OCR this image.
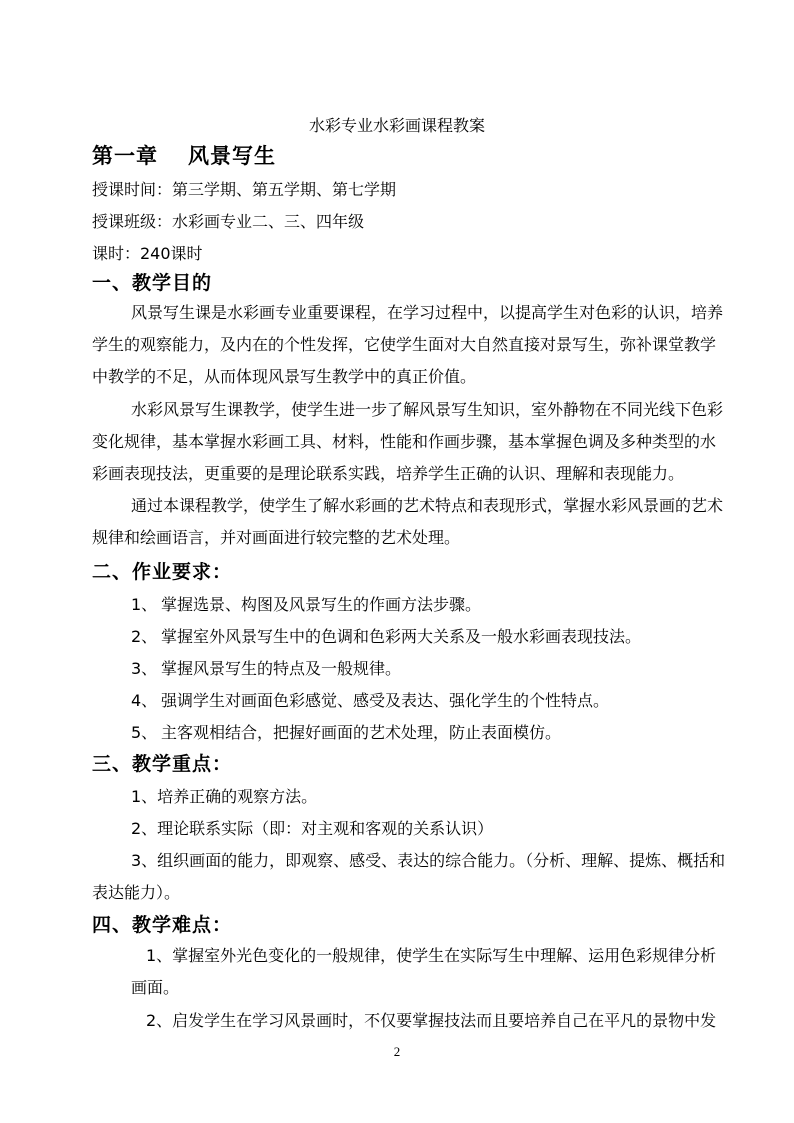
水彩专业水彩画课程教案
第一章 风景写生
授课时间：第三学期、第五学期、第七学期
授课班级：水彩画专业二、三、四年级
课时：240课时
一、教学目的
风景写生课是水彩画专业重要课程，在学习过程中，以提高学生对色彩的认识，培养
学生的观察能力，及内在的个性发挥，它使学生面对大自然直接对景写生，弥补课堂教学
中教学的不足，从而体现风景写生教学中的真正价值。
水彩风景写生课教学，使学生进一步了解风景写生知识，室外静物在不同光线下色彩
变化规律，基本掌握水彩画工具、材料，性能和作画步骤，基本掌握色调及多种类型的水
彩画表现技法，更重要的是理论联系实践，培养学生正确的认识、理解和表现能力。
通过本课程教学，使学生了解水彩画的艺术特点和表现形式，掌握水彩风景画的艺术
规律和绘画语言，并对画面进行较完整的艺术处理。
二、作业要求：
1、 掌握选景、构图及风景写生的作画方法步骤。
2、 掌握室外风景写生中的色调和色彩两大关系及一般水彩画表现技法。
3、 掌握风景写生的特点及一般规律。
4、 强调学生对画面色彩感觉、感受及表达、强化学生的个性特点。
5、 主客观相结合，把握好画面的艺术处理，防止表面模仿。
三、教学重点：
1、培养正确的观察方法。
2、理论联系实际（即：对主观和客观的关系认识）
3、组织画面的能力，即观察、感受、表达的综合能力。（分析、理解、提炼、概括和
表达能力）。
四、教学难点：
1、掌握室外光色变化的一般规律，使学生在实际写生中理解、运用色彩规律分析
画面。
2、启发学生在学习风景画时，不仅要掌握技法而且要培养自己在平凡的景物中发
2
